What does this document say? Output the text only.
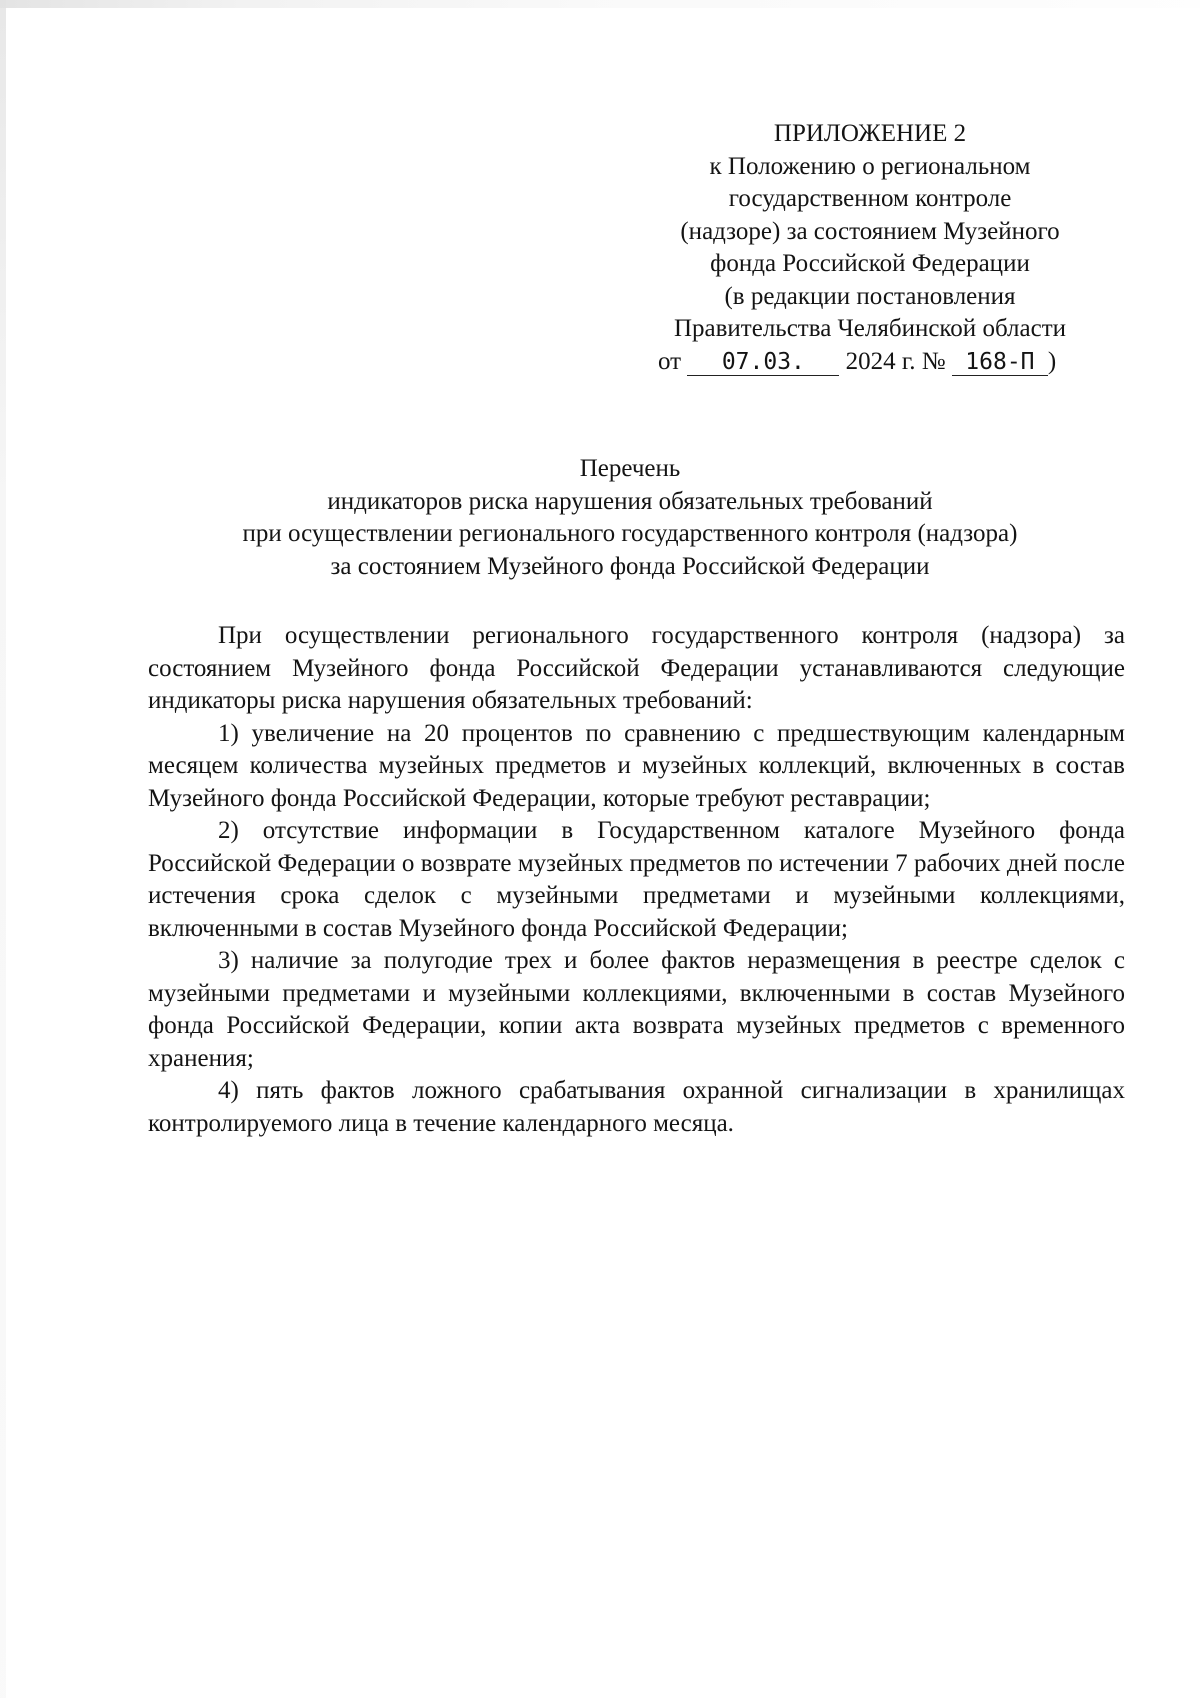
ПРИЛОЖЕНИЕ 2
к Положению о региональном
государственном контроле
(надзоре) за состоянием Музейного
фонда Российской Федерации
(в редакции постановления
Правительства Челябинской области
от 07.03. 2024 г. № 168-П )
Перечень
индикаторов риска нарушения обязательных требований
при осуществлении регионального государственного контроля (надзора)
за состоянием Музейного фонда Российской Федерации

При осуществлении регионального государственного контроля (надзора) за состоянием Музейного фонда Российской Федерации устанавливаются следующие индикаторы риска нарушения обязательных требований:

1) увеличение на 20 процентов по сравнению с предшествующим календарным месяцем количества музейных предметов и музейных коллекций, включенных в состав Музейного фонда Российской Федерации, которые требуют реставрации;

2) отсутствие информации в Государственном каталоге Музейного фонда Российской Федерации о возврате музейных предметов по истечении 7 рабочих дней после истечения срока сделок с музейными предметами и музейными коллекциями, включенными в состав Музейного фонда Российской Федерации;

3) наличие за полугодие трех и более фактов неразмещения в реестре сделок с музейными предметами и музейными коллекциями, включенными в состав Музейного фонда Российской Федерации, копии акта возврата музейных предметов с временного хранения;

4) пять фактов ложного срабатывания охранной сигнализации в хранилищах контролируемого лица в течение календарного месяца.
